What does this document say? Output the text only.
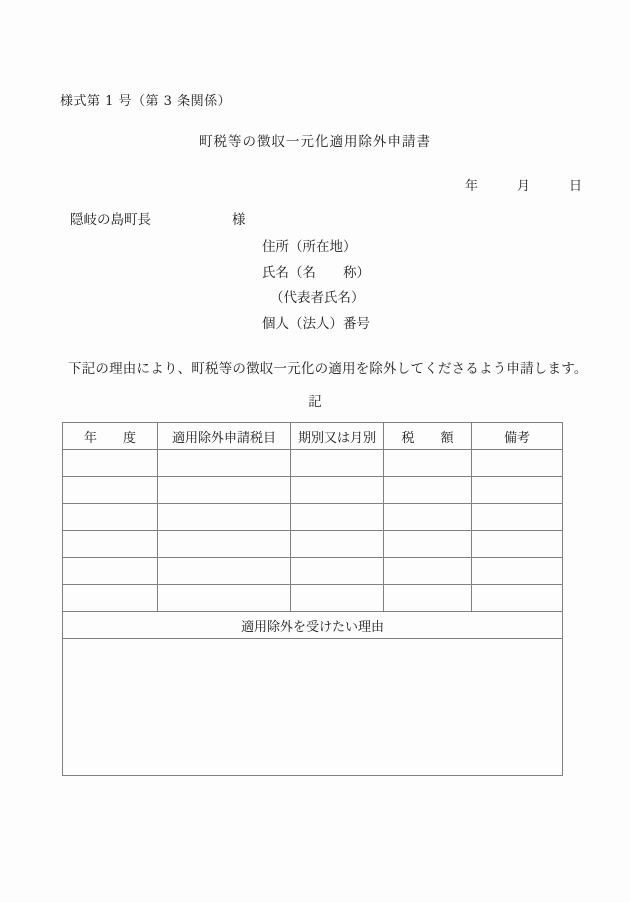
様式第 1 号（第 3 条関係）
町税等の徴収一元化適用除外申請書
年　　　月　　　日
隠岐の島町長　　　　　　様
住所（所在地）
氏名（名　　称）
（代表者氏名）
個人（法人）番号
下記の理由により、町税等の徴収一元化の適用を除外してくださるよう申請します。
記
年　　度	適用除外申請税目	期別又は月別	税　　額	備考

適用除外を受けたい理由				
